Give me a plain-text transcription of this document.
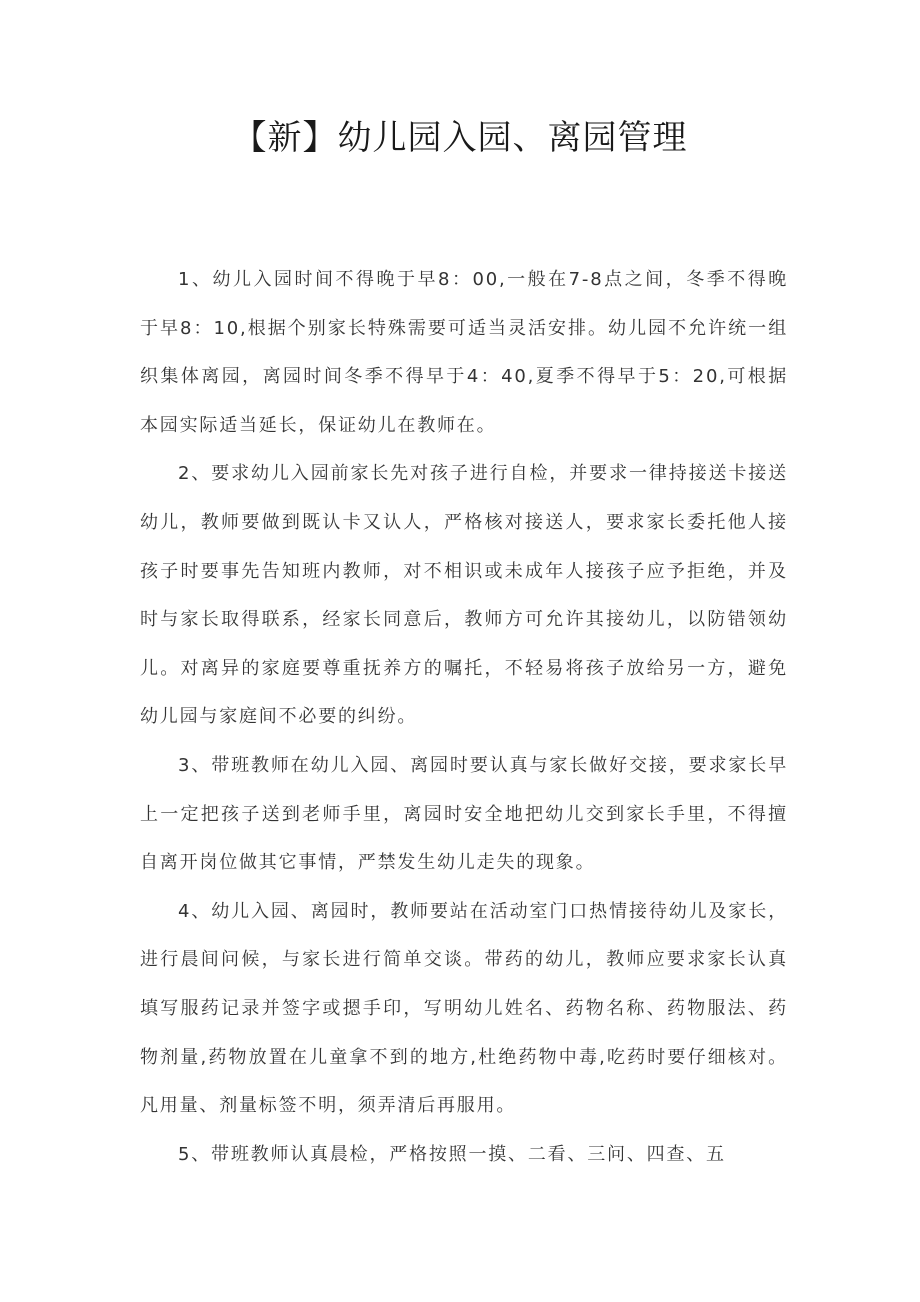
【新】幼儿园入园、离园管理

1、幼儿入园时间不得晚于早8：00,一般在7-8点之间，冬季不得晚于早8：10,根据个别家长特殊需要可适当灵活安排。幼儿园不允许统一组织集体离园，离园时间冬季不得早于4：40,夏季不得早于5：20,可根据本园实际适当延长，保证幼儿在教师在。

2、要求幼儿入园前家长先对孩子进行自检，并要求一律持接送卡接送幼儿，教师要做到既认卡又认人，严格核对接送人，要求家长委托他人接孩子时要事先告知班内教师，对不相识或未成年人接孩子应予拒绝，并及时与家长取得联系，经家长同意后，教师方可允许其接幼儿，以防错领幼儿。对离异的家庭要尊重抚养方的嘱托，不轻易将孩子放给另一方，避免幼儿园与家庭间不必要的纠纷。

3、带班教师在幼儿入园、离园时要认真与家长做好交接，要求家长早上一定把孩子送到老师手里，离园时安全地把幼儿交到家长手里，不得擅自离开岗位做其它事情，严禁发生幼儿走失的现象。

4、幼儿入园、离园时，教师要站在活动室门口热情接待幼儿及家长，进行晨间问候，与家长进行简单交谈。带药的幼儿，教师应要求家长认真填写服药记录并签字或摁手印，写明幼儿姓名、药物名称、药物服法、药物剂量,药物放置在儿童拿不到的地方,杜绝药物中毒,吃药时要仔细核对。凡用量、剂量标签不明，须弄清后再服用。

5、带班教师认真晨检，严格按照一摸、二看、三问、四查、五
